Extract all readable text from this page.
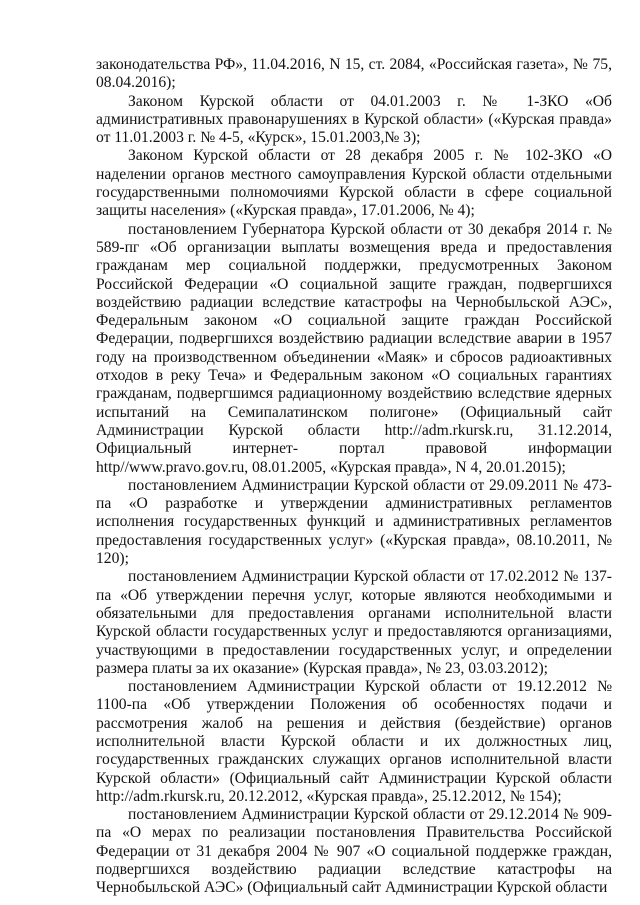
законодательства РФ», 11.04.2016, N 15, ст. 2084, «Российская газета», № 75, 08.04.2016);

Законом Курской области от 04.01.2003 г. № 1-ЗКО «Об административных правонарушениях в Курской области» («Курская правда» от 11.01.2003 г. № 4-5, «Курск», 15.01.2003,№ 3);

Законом Курской области от 28 декабря 2005 г. № 102-ЗКО «О наделении органов местного самоуправления Курской области отдельными государственными полномочиями Курской области в сфере социальной защиты населения» («Курская правда», 17.01.2006, № 4);

постановлением Губернатора Курской области от 30 декабря 2014 г. № 589-пг «Об организации выплаты возмещения вреда и предоставления гражданам мер социальной поддержки, предусмотренных Законом Российской Федерации «О социальной защите граждан, подвергшихся воздействию радиации вследствие катастрофы на Чернобыльской АЭС», Федеральным законом «О социальной защите граждан Российской Федерации, подвергшихся воздействию радиации вследствие аварии в 1957 году на производственном объединении «Маяк» и сбросов радиоактивных отходов в реку Теча» и Федеральным законом «О социальных гарантиях гражданам, подвергшимся радиационному воздействию вследствие ядерных испытаний на Семипалатинском полигоне» (Официальный сайт Администрации Курской области http://adm.rkursk.ru, 31.12.2014, Официальный интернет- портал правовой информации http//www.pravo.gov.ru, 08.01.2005, «Курская правда», N 4, 20.01.2015);

постановлением Администрации Курской области от 29.09.2011 № 473-па «О разработке и утверждении административных регламентов исполнения государственных функций и административных регламентов предоставления государственных услуг» («Курская правда», 08.10.2011, № 120);

постановлением Администрации Курской области от 17.02.2012 № 137-па «Об утверждении перечня услуг, которые являются необходимыми и обязательными для предоставления органами исполнительной власти Курской области государственных услуг и предоставляются организациями, участвующими в предоставлении государственных услуг, и определении размера платы за их оказание» (Курская правда», № 23, 03.03.2012);

постановлением Администрации Курской области от 19.12.2012 № 1100-па «Об утверждении Положения об особенностях подачи и рассмотрения жалоб на решения и действия (бездействие) органов исполнительной власти Курской области и их должностных лиц, государственных гражданских служащих органов исполнительной власти Курской области» (Официальный сайт Администрации Курской области http://adm.rkursk.ru, 20.12.2012, «Курская правда», 25.12.2012, № 154);

постановлением Администрации Курской области от 29.12.2014 № 909-па «О мерах по реализации постановления Правительства Российской Федерации от 31 декабря 2004 № 907 «О социальной поддержке граждан, подвергшихся воздействию радиации вследствие катастрофы на Чернобыльской АЭС» (Официальный сайт Администрации Курской области
